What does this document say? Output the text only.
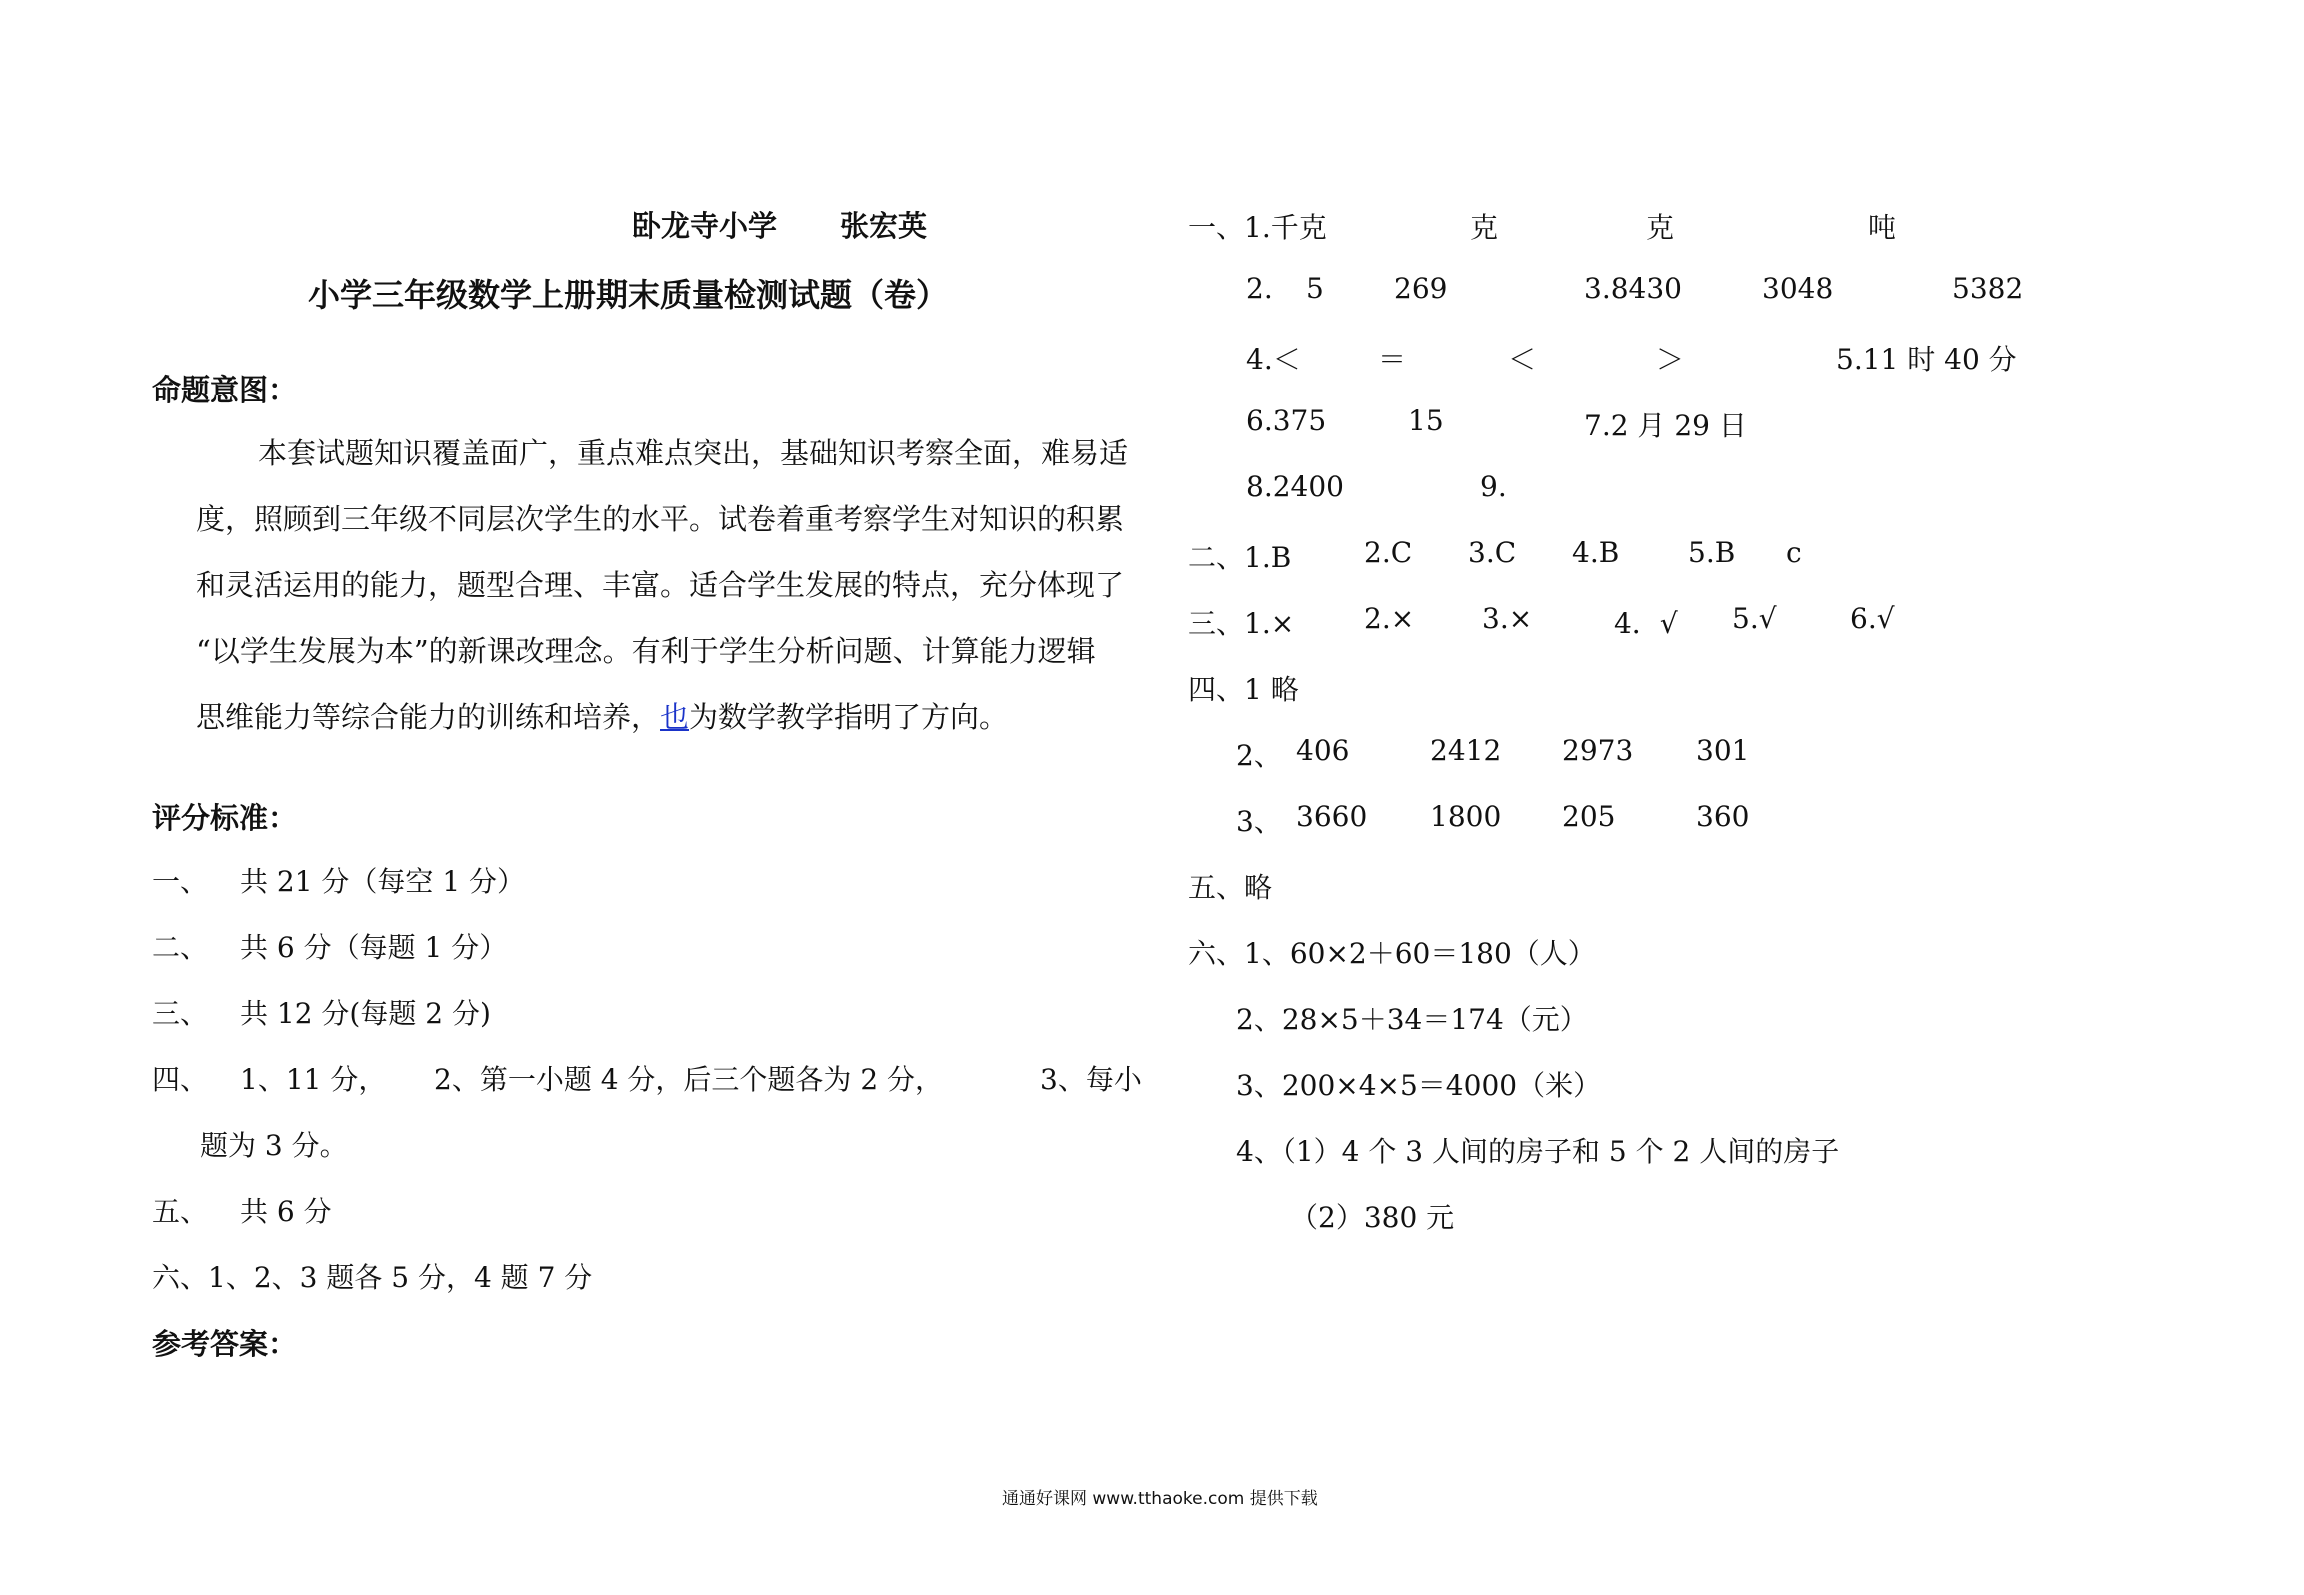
卧龙寺小学 张宏英
小学三年级数学上册期末质量检测试题（卷）
命题意图：
本套试题知识覆盖面广，重点难点突出，基础知识考察全面，难易适
度，照顾到三年级不同层次学生的水平。试卷着重考察学生对知识的积累
和灵活运用的能力，题型合理、丰富。适合学生发展的特点，充分体现了
“以学生发展为本”的新课改理念。有利于学生分析问题、计算能力逻辑
思维能力等综合能力的训练和培养，也为数学教学指明了方向。
评分标准：
一、 共 21 分（每空 1 分）
二、 共 6 分（每题 1 分）
三、 共 12 分(每题 2 分)
四、 1、11 分， 2、第一小题 4 分，后三个题各为 2 分，	3、每小
题为 3 分。
五、 共 6 分
六、1、2、3 题各 5 分，4 题 7 分
参考答案：
一、1.千克	克	克	吨
2. 5	269	3.8430	3048	5382
4.＜	＝	＜	＞	5.11 时 40 分
6.375	15	7.2 月 29 日
8.2400	9.
二、1.B	2.C 3.C 4.B 5.B c
三、1.× 2.× 3.×	4．√ 5.√	6.√
四、1 略
2、 406	2412 2973 301
3、 3660 1800 205	360
五、略
六、1、60×2＋60＝180（人）
2、28×5＋34＝174（元）
3、200×4×5＝4000（米）
4、（1）4 个 3 人间的房子和 5 个 2 人间的房子
（2）380 元
通通好课网 www.tthaoke.com 提供下载
